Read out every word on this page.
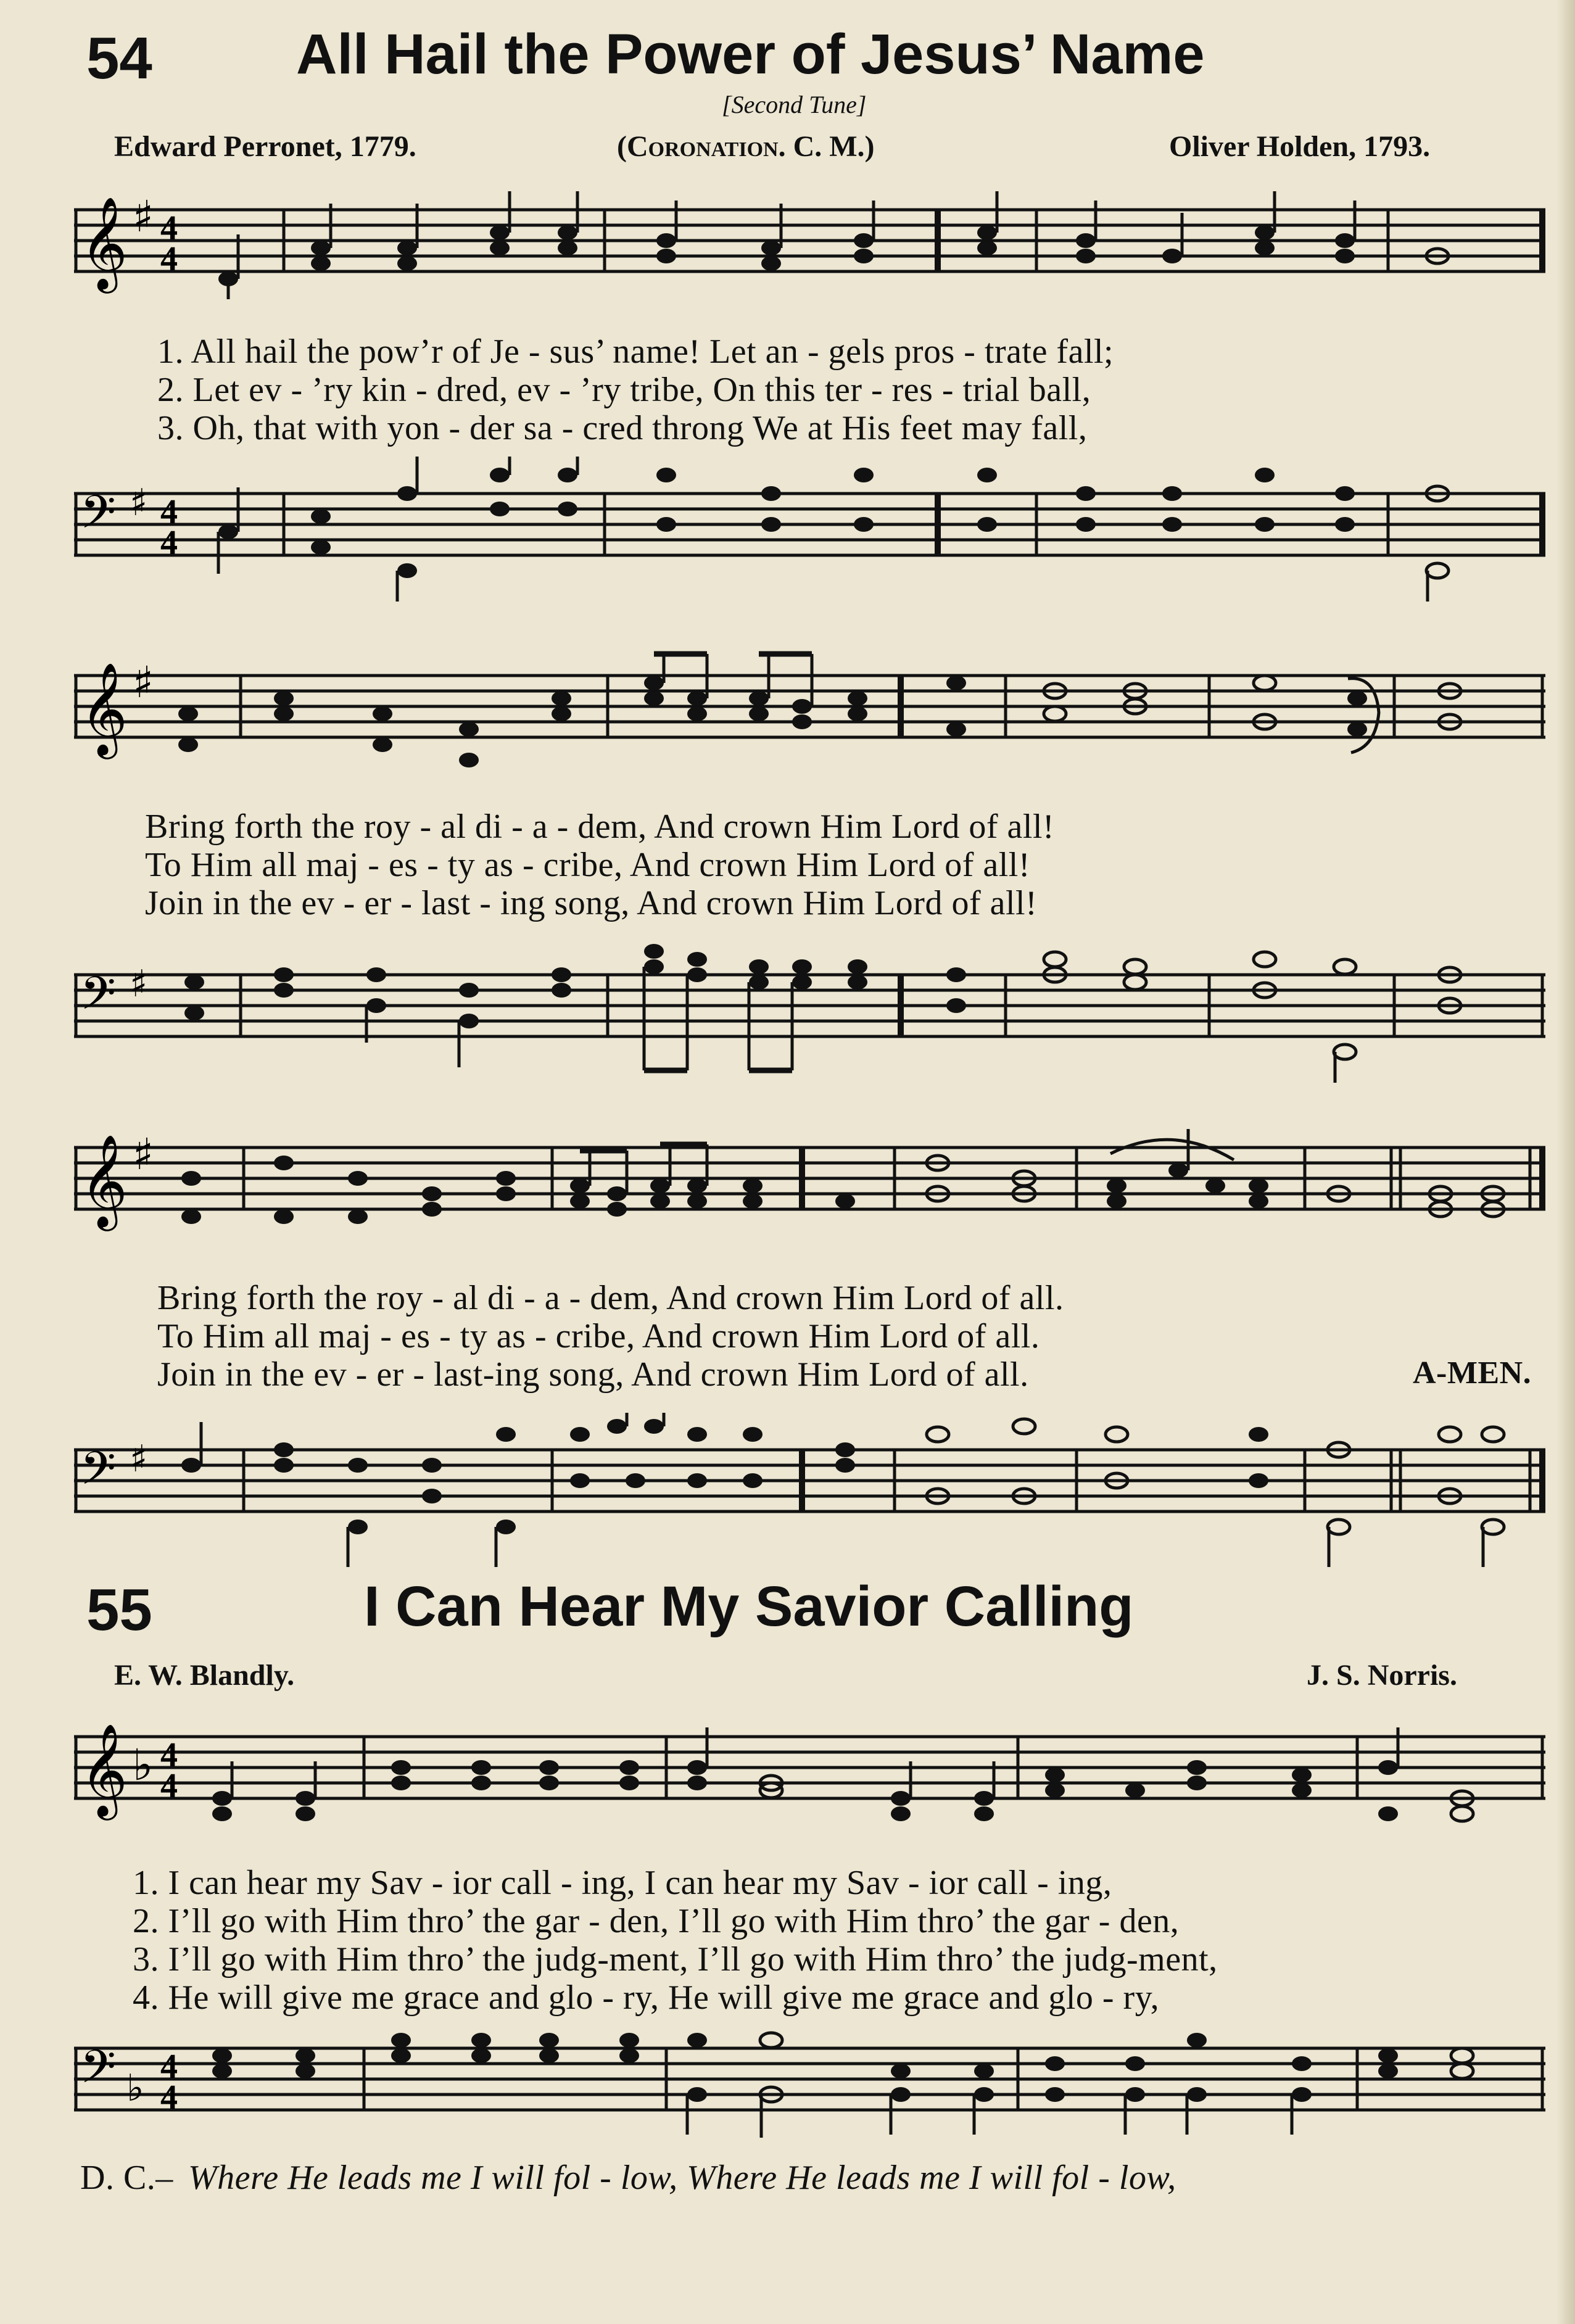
54	All Hail the Power of Jesus’ Name
[Second Tune]
Edward Perronet, 1779.	(Coronation. C. M.)	Oliver Holden, 1793.
𝄞 ♯ 4
4
1. All hail the pow’r of Je - sus’ name! Let an - gels pros - trate fall;
2. Let ev - ’ry kin - dred, ev - ’ry tribe, On this ter - res - trial ball,
3. Oh, that with yon - der sa - cred throng We at His feet may fall,
𝄢 ♯ 4
4
𝄞 ♯
Bring forth the roy - al di - a - dem, And crown Him Lord of all!
To Him all maj - es - ty as - cribe, And crown Him Lord of all!
Join in the ev - er - last - ing song, And crown Him Lord of all!
𝄢 ♯
𝄞 ♯
Bring forth the roy - al di - a - dem, And crown Him Lord of all.
To Him all maj - es - ty as - cribe, And crown Him Lord of all.
Join in the ev - er - last-ing song, And crown Him Lord of all.	A-MEN.
𝄢 ♯
55	I Can Hear My Savior Calling
E. W. Blandly.	J. S. Norris.
𝄞 ♭ 4
4
1. I can hear my Sav - ior call - ing, I can hear my Sav - ior call - ing,
2. I’ll go with Him thro’ the gar - den, I’ll go with Him thro’ the gar - den,
3. I’ll go with Him thro’ the judg-ment, I’ll go with Him thro’ the judg-ment,
4. He will give me grace and glo - ry, He will give me grace and glo - ry,
𝄢 ♭ 4
4
D. C.– Where He leads me I will fol - low, Where He leads me I will fol - low,
